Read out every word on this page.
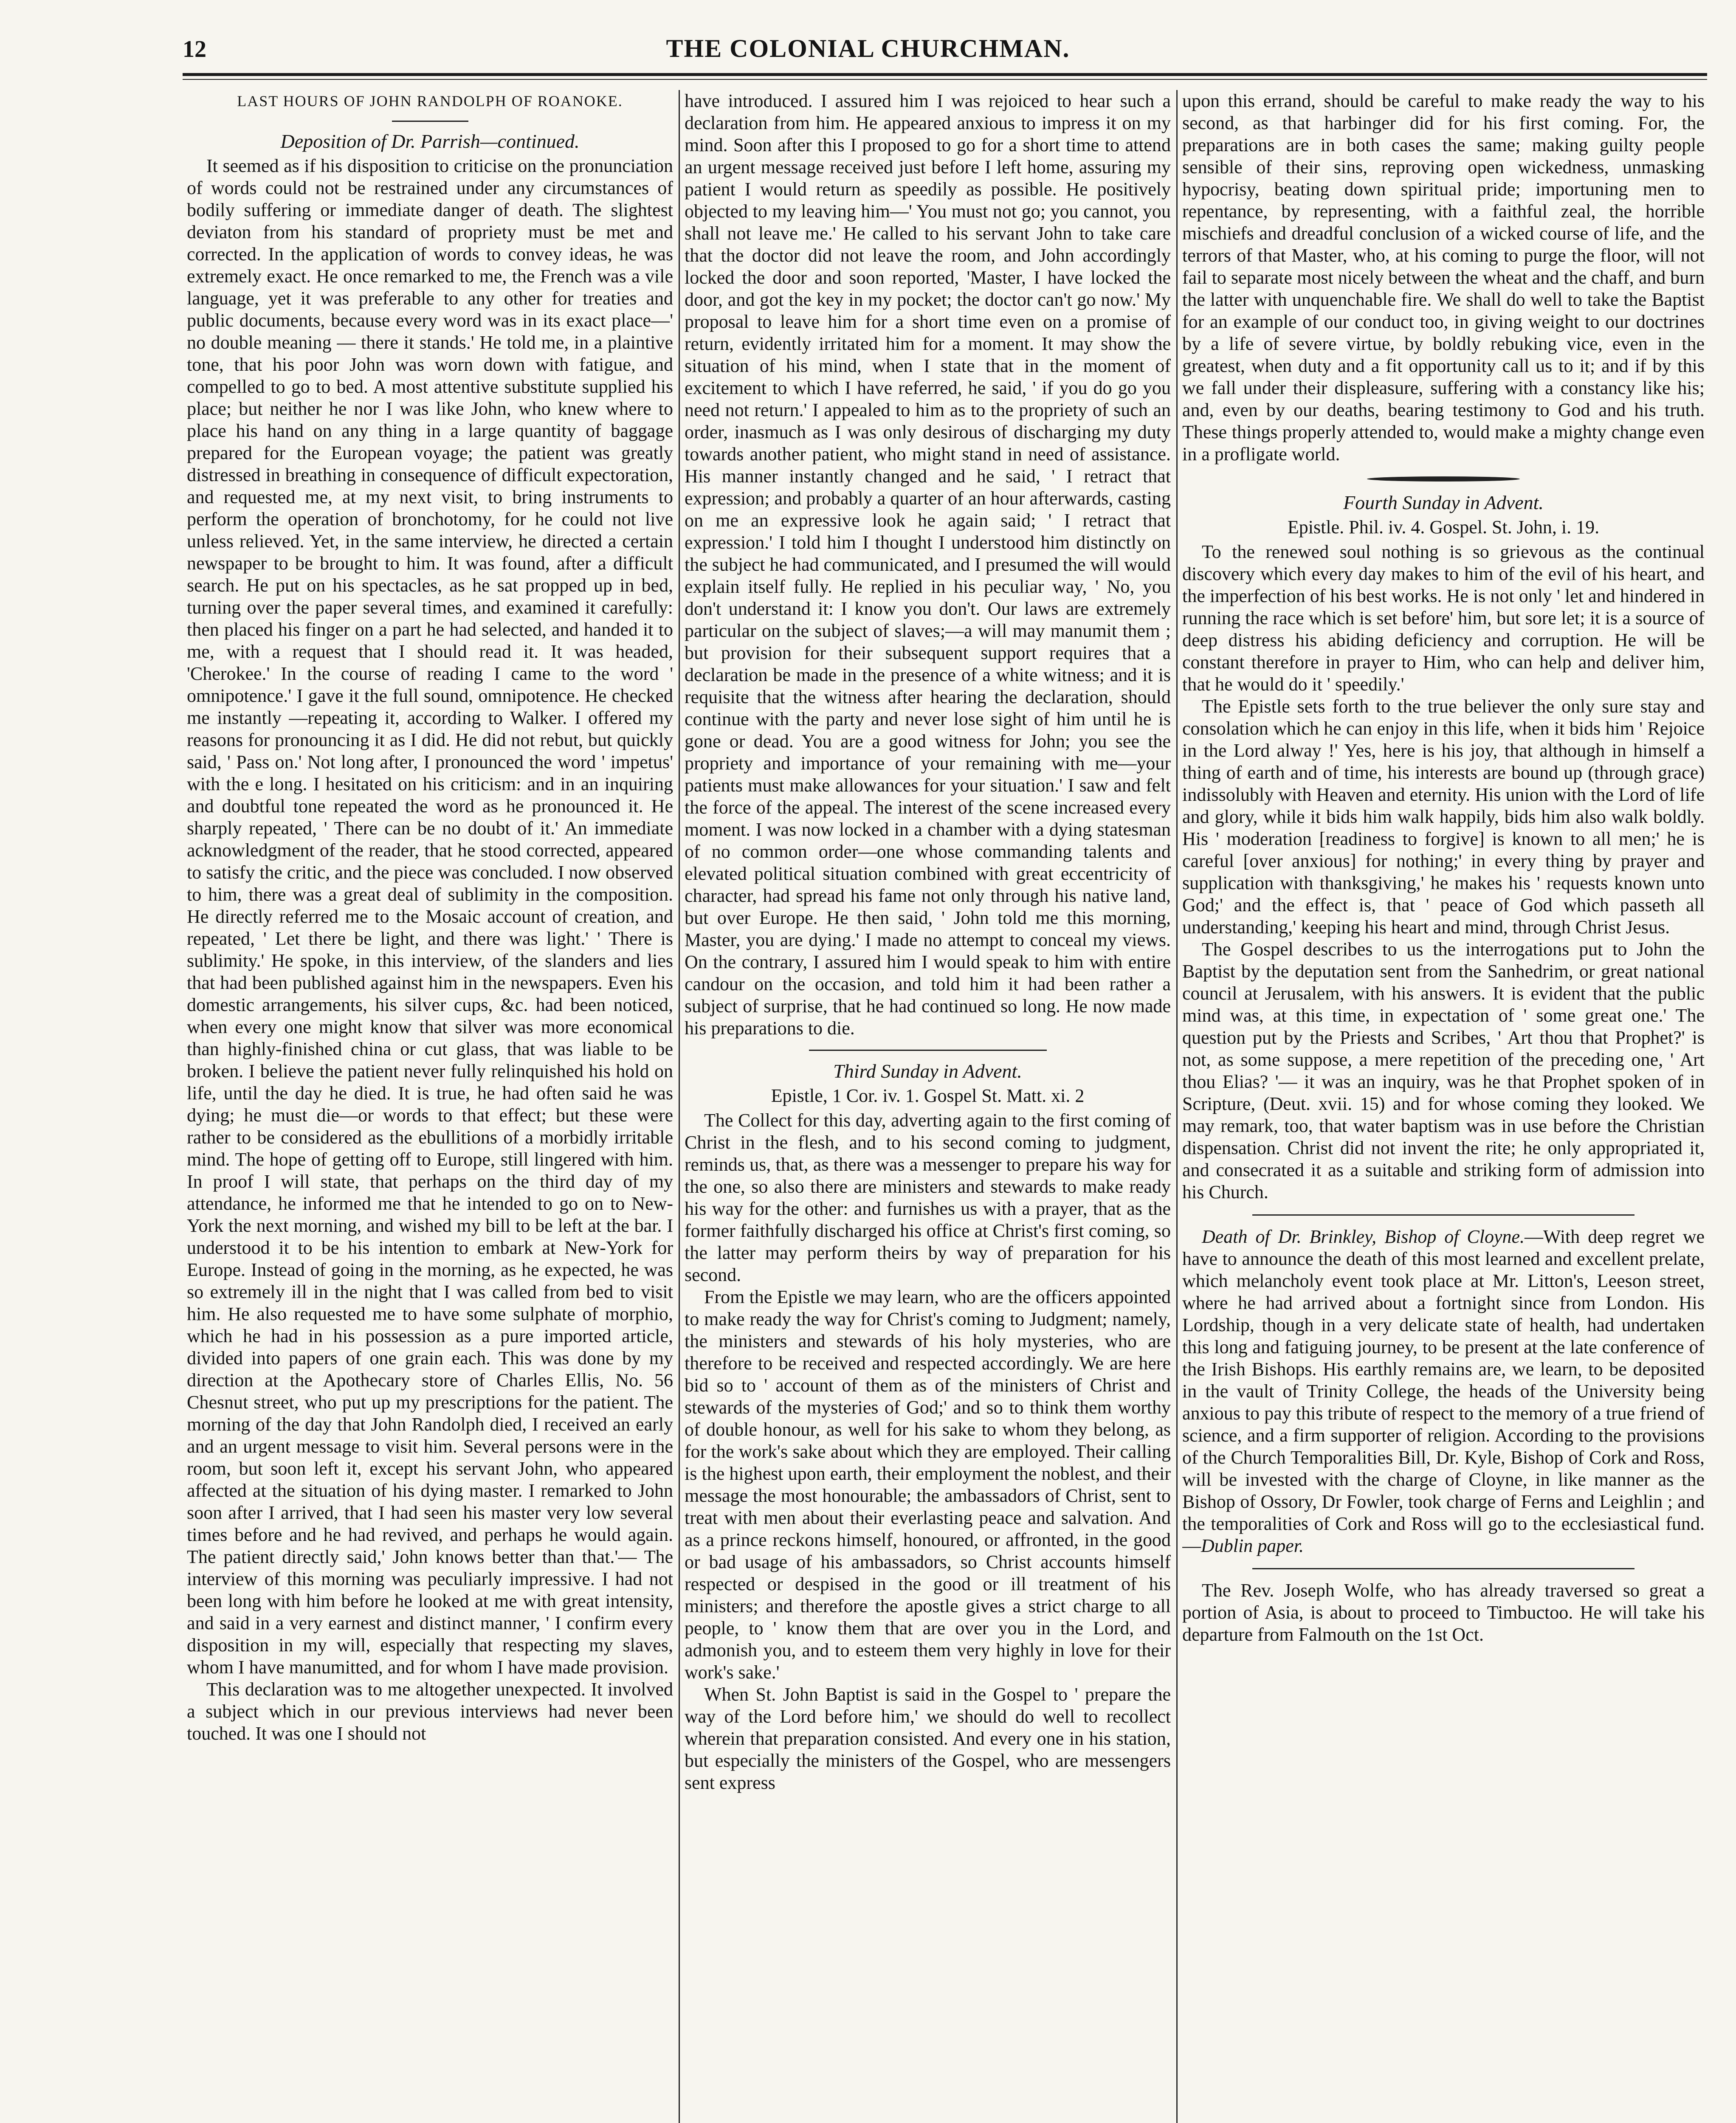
12	THE COLONIAL CHURCHMAN.
LAST HOURS OF JOHN RANDOLPH OF ROANOKE.
Deposition of Dr. Parrish—continued.

It seemed as if his disposition to criticise on the pronunciation of words could not be restrained under any circumstances of bodily suffering or immediate danger of death. The slightest deviaton from his standard of propriety must be met and corrected. In the application of words to convey ideas, he was extremely exact. He once remarked to me, the French was a vile language, yet it was preferable to any other for treaties and public documents, because every word was in its exact place—' no double meaning — there it stands.' He told me, in a plaintive tone, that his poor John was worn down with fatigue, and compelled to go to bed. A most attentive substitute supplied his place; but neither he nor I was like John, who knew where to place his hand on any thing in a large quantity of baggage prepared for the European voyage; the patient was greatly distressed in breathing in consequence of difficult expectoration, and requested me, at my next visit, to bring instruments to perform the operation of bronchotomy, for he could not live unless relieved. Yet, in the same interview, he directed a certain newspaper to be brought to him. It was found, after a difficult search. He put on his spectacles, as he sat propped up in bed, turning over the paper several times, and examined it carefully: then placed his finger on a part he had selected, and handed it to me, with a request that I should read it. It was headed, 'Cherokee.' In the course of reading I came to the word ' omnipotence.' I gave it the full sound, omnipotence. He checked me instantly —repeating it, according to Walker. I offered my reasons for pronouncing it as I did. He did not rebut, but quickly said, ' Pass on.' Not long after, I pronounced the word ' impetus' with the e long. I hesitated on his criticism: and in an inquiring and doubtful tone repeated the word as he pronounced it. He sharply repeated, ' There can be no doubt of it.' An immediate acknowledgment of the reader, that he stood corrected, appeared to satisfy the critic, and the piece was concluded. I now observed to him, there was a great deal of sublimity in the composition. He directly referred me to the Mosaic account of creation, and repeated, ' Let there be light, and there was light.' ' There is sublimity.' He spoke, in this interview, of the slanders and lies that had been published against him in the newspapers. Even his domestic arrangements, his silver cups, &c. had been noticed, when every one might know that silver was more economical than highly-finished china or cut glass, that was liable to be broken. I believe the patient never fully relinquished his hold on life, until the day he died. It is true, he had often said he was dying; he must die—or words to that effect; but these were rather to be considered as the ebullitions of a morbidly irritable mind. The hope of getting off to Europe, still lingered with him. In proof I will state, that perhaps on the third day of my attendance, he informed me that he intended to go on to New-York the next morning, and wished my bill to be left at the bar. I understood it to be his intention to embark at New-York for Europe. Instead of going in the morning, as he expected, he was so extremely ill in the night that I was called from bed to visit him. He also requested me to have some sulphate of morphio, which he had in his possession as a pure imported article, divided into papers of one grain each. This was done by my direction at the Apothecary store of Charles Ellis, No. 56 Chesnut street, who put up my prescriptions for the patient. The morning of the day that John Randolph died, I received an early and an urgent message to visit him. Several persons were in the room, but soon left it, except his servant John, who appeared affected at the situation of his dying master. I remarked to John soon after I arrived, that I had seen his master very low several times before and he had revived, and perhaps he would again. The patient directly said,' John knows better than that.'— The interview of this morning was peculiarly impressive. I had not been long with him before he looked at me with great intensity, and said in a very earnest and distinct manner, ' I confirm every disposition in my will, especially that respecting my slaves, whom I have manumitted, and for whom I have made provision.

This declaration was to me altogether unexpected. It involved a subject which in our previous interviews had never been touched. It was one I should not

have introduced. I assured him I was rejoiced to hear such a declaration from him. He appeared anxious to impress it on my mind. Soon after this I proposed to go for a short time to attend an urgent message received just before I left home, assuring my patient I would return as speedily as possible. He positively objected to my leaving him—' You must not go; you cannot, you shall not leave me.' He called to his servant John to take care that the doctor did not leave the room, and John accordingly locked the door and soon reported, 'Master, I have locked the door, and got the key in my pocket; the doctor can't go now.' My proposal to leave him for a short time even on a promise of return, evidently irritated him for a moment. It may show the situation of his mind, when I state that in the moment of excitement to which I have referred, he said, ' if you do go you need not return.' I appealed to him as to the propriety of such an order, inasmuch as I was only desirous of discharging my duty towards another patient, who might stand in need of assistance. His manner instantly changed and he said, ' I retract that expression; and probably a quarter of an hour afterwards, casting on me an expressive look he again said; ' I retract that expression.' I told him I thought I understood him distinctly on the subject he had communicated, and I presumed the will would explain itself fully. He replied in his peculiar way, ' No, you don't understand it: I know you don't. Our laws are extremely particular on the subject of slaves;—a will may manumit them ; but provision for their subsequent support requires that a declaration be made in the presence of a white witness; and it is requisite that the witness after hearing the declaration, should continue with the party and never lose sight of him until he is gone or dead. You are a good witness for John; you see the propriety and importance of your remaining with me—your patients must make allowances for your situation.' I saw and felt the force of the appeal. The interest of the scene increased every moment. I was now locked in a chamber with a dying statesman of no common order—one whose commanding talents and elevated political situation combined with great eccentricity of character, had spread his fame not only through his native land, but over Europe. He then said, ' John told me this morning, Master, you are dying.' I made no attempt to conceal my views. On the contrary, I assured him I would speak to him with entire candour on the occasion, and told him it had been rather a subject of surprise, that he had continued so long. He now made his preparations to die.

Third Sunday in Advent.
Epistle, 1 Cor. iv. 1. Gospel St. Matt. xi. 2

The Collect for this day, adverting again to the first coming of Christ in the flesh, and to his second coming to judgment, reminds us, that, as there was a messenger to prepare his way for the one, so also there are ministers and stewards to make ready his way for the other: and furnishes us with a prayer, that as the former faithfully discharged his office at Christ's first coming, so the latter may perform theirs by way of preparation for his second.

From the Epistle we may learn, who are the officers appointed to make ready the way for Christ's coming to Judgment; namely, the ministers and stewards of his holy mysteries, who are therefore to be received and respected accordingly. We are here bid so to ' account of them as of the ministers of Christ and stewards of the mysteries of God;' and so to think them worthy of double honour, as well for his sake to whom they belong, as for the work's sake about which they are employed. Their calling is the highest upon earth, their employment the noblest, and their message the most honourable; the ambassadors of Christ, sent to treat with men about their everlasting peace and salvation. And as a prince reckons himself, honoured, or affronted, in the good or bad usage of his ambassadors, so Christ accounts himself respected or despised in the good or ill treatment of his ministers; and therefore the apostle gives a strict charge to all people, to ' know them that are over you in the Lord, and admonish you, and to esteem them very highly in love for their work's sake.'

When St. John Baptist is said in the Gospel to ' prepare the way of the Lord before him,' we should do well to recollect wherein that preparation consisted. And every one in his station, but especially the ministers of the Gospel, who are messengers sent express

upon this errand, should be careful to make ready the way to his second, as that harbinger did for his first coming. For, the preparations are in both cases the same; making guilty people sensible of their sins, reproving open wickedness, unmasking hypocrisy, beating down spiritual pride; importuning men to repentance, by representing, with a faithful zeal, the horrible mischiefs and dreadful conclusion of a wicked course of life, and the terrors of that Master, who, at his coming to purge the floor, will not fail to separate most nicely between the wheat and the chaff, and burn the latter with unquenchable fire. We shall do well to take the Baptist for an example of our conduct too, in giving weight to our doctrines by a life of severe virtue, by boldly rebuking vice, even in the greatest, when duty and a fit opportunity call us to it; and if by this we fall under their displeasure, suffering with a constancy like his; and, even by our deaths, bearing testimony to God and his truth. These things properly attended to, would make a mighty change even in a profligate world.

Fourth Sunday in Advent.
Epistle. Phil. iv. 4. Gospel. St. John, i. 19.

To the renewed soul nothing is so grievous as the continual discovery which every day makes to him of the evil of his heart, and the imperfection of his best works. He is not only ' let and hindered in running the race which is set before' him, but sore let; it is a source of deep distress his abiding deficiency and corruption. He will be constant therefore in prayer to Him, who can help and deliver him, that he would do it ' speedily.'

The Epistle sets forth to the true believer the only sure stay and consolation which he can enjoy in this life, when it bids him ' Rejoice in the Lord alway !' Yes, here is his joy, that although in himself a thing of earth and of time, his interests are bound up (through grace) indissolubly with Heaven and eternity. His union with the Lord of life and glory, while it bids him walk happily, bids him also walk boldly. His ' moderation [readiness to forgive] is known to all men;' he is careful [over anxious] for nothing;' in every thing by prayer and supplication with thanksgiving,' he makes his ' requests known unto God;' and the effect is, that ' peace of God which passeth all understanding,' keeping his heart and mind, through Christ Jesus.

The Gospel describes to us the interrogations put to John the Baptist by the deputation sent from the Sanhedrim, or great national council at Jerusalem, with his answers. It is evident that the public mind was, at this time, in expectation of ' some great one.' The question put by the Priests and Scribes, ' Art thou that Prophet?' is not, as some suppose, a mere repetition of the preceding one, ' Art thou Elias? '— it was an inquiry, was he that Prophet spoken of in Scripture, (Deut. xvii. 15) and for whose coming they looked. We may remark, too, that water baptism was in use before the Christian dispensation. Christ did not invent the rite; he only appropriated it, and consecrated it as a suitable and striking form of admission into his Church.

Death of Dr. Brinkley, Bishop of Cloyne.—With deep regret we have to announce the death of this most learned and excellent prelate, which melancholy event took place at Mr. Litton's, Leeson street, where he had arrived about a fortnight since from London. His Lordship, though in a very delicate state of health, had undertaken this long and fatiguing journey, to be present at the late conference of the Irish Bishops. His earthly remains are, we learn, to be deposited in the vault of Trinity College, the heads of the University being anxious to pay this tribute of respect to the memory of a true friend of science, and a firm supporter of religion. According to the provisions of the Church Temporalities Bill, Dr. Kyle, Bishop of Cork and Ross, will be invested with the charge of Cloyne, in like manner as the Bishop of Ossory, Dr Fowler, took charge of Ferns and Leighlin ; and the temporalities of Cork and Ross will go to the ecclesiastical fund.—Dublin paper.

The Rev. Joseph Wolfe, who has already traversed so great a portion of Asia, is about to proceed to Timbuctoo. He will take his departure from Falmouth on the 1st Oct.
